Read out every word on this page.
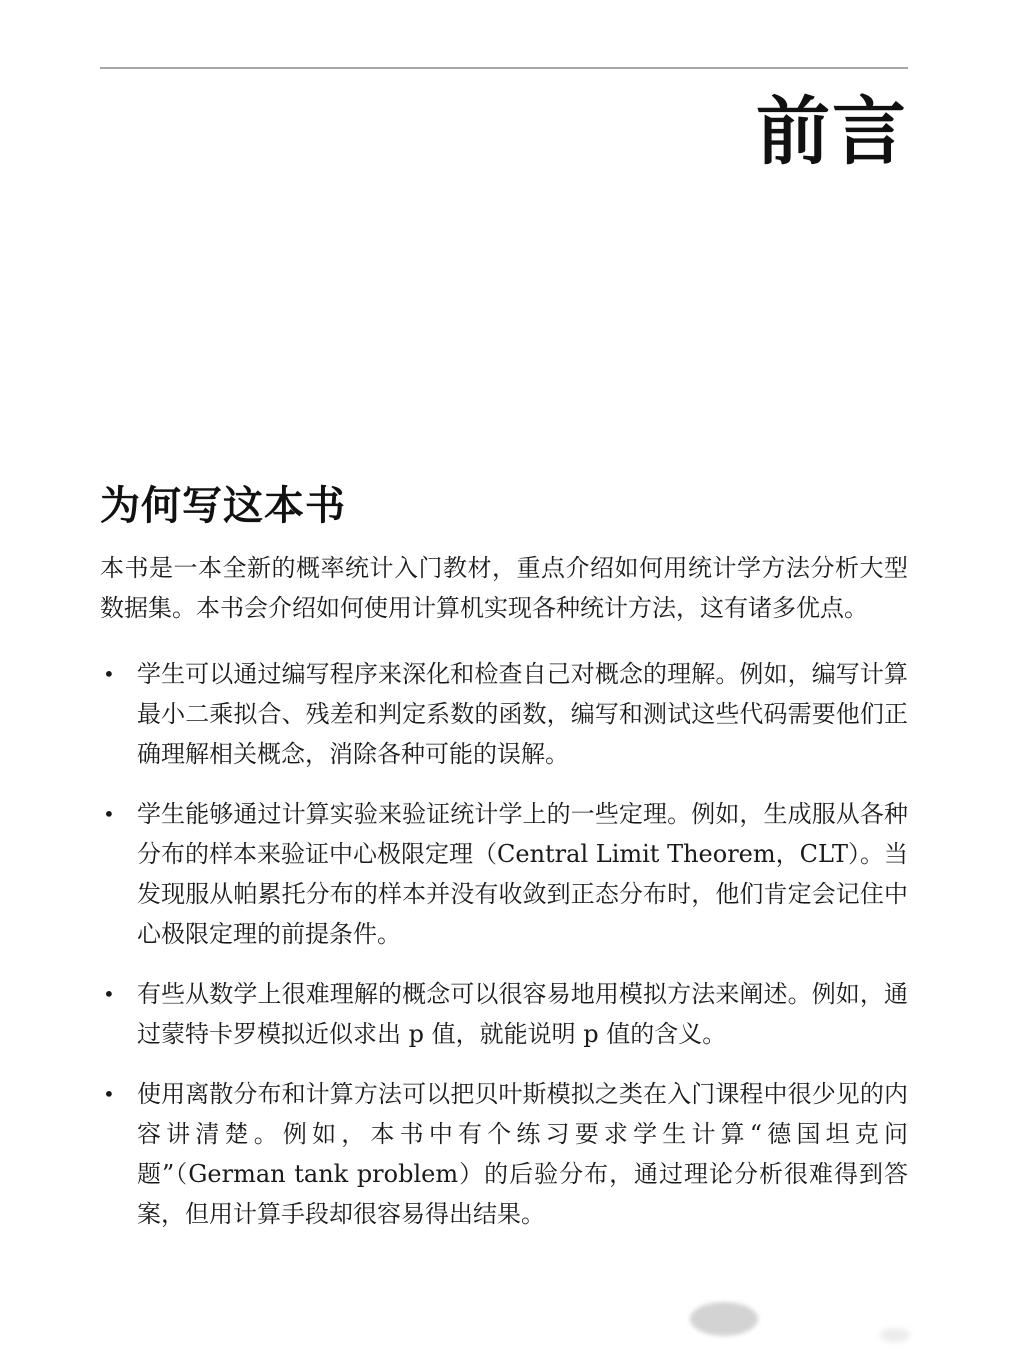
前言
为何写这本书

本书是一本全新的概率统计入门教材，重点介绍如何用统计学方法分析大型数据集。本书会介绍如何使用计算机实现各种统计方法，这有诸多优点。

• 学生可以通过编写程序来深化和检查自己对概念的理解。例如，编写计算最小二乘拟合、残差和判定系数的函数，编写和测试这些代码需要他们正确理解相关概念，消除各种可能的误解。
• 学生能够通过计算实验来验证统计学上的一些定理。例如，生成服从各种分布的样本来验证中心极限定理（Central Limit Theorem，CLT）。当发现服从帕累托分布的样本并没有收敛到正态分布时，他们肯定会记住中心极限定理的前提条件。
• 有些从数学上很难理解的概念可以很容易地用模拟方法来阐述。例如，通过蒙特卡罗模拟近似求出 p 值，就能说明 p 值的含义。
• 使用离散分布和计算方法可以把贝叶斯模拟之类在入门课程中很少见的内容讲清楚。例如，本书中有个练习要求学生计算“德国坦克问题”（German tank problem）的后验分布，通过理论分析很难得到答案，但用计算手段却很容易得出结果。
